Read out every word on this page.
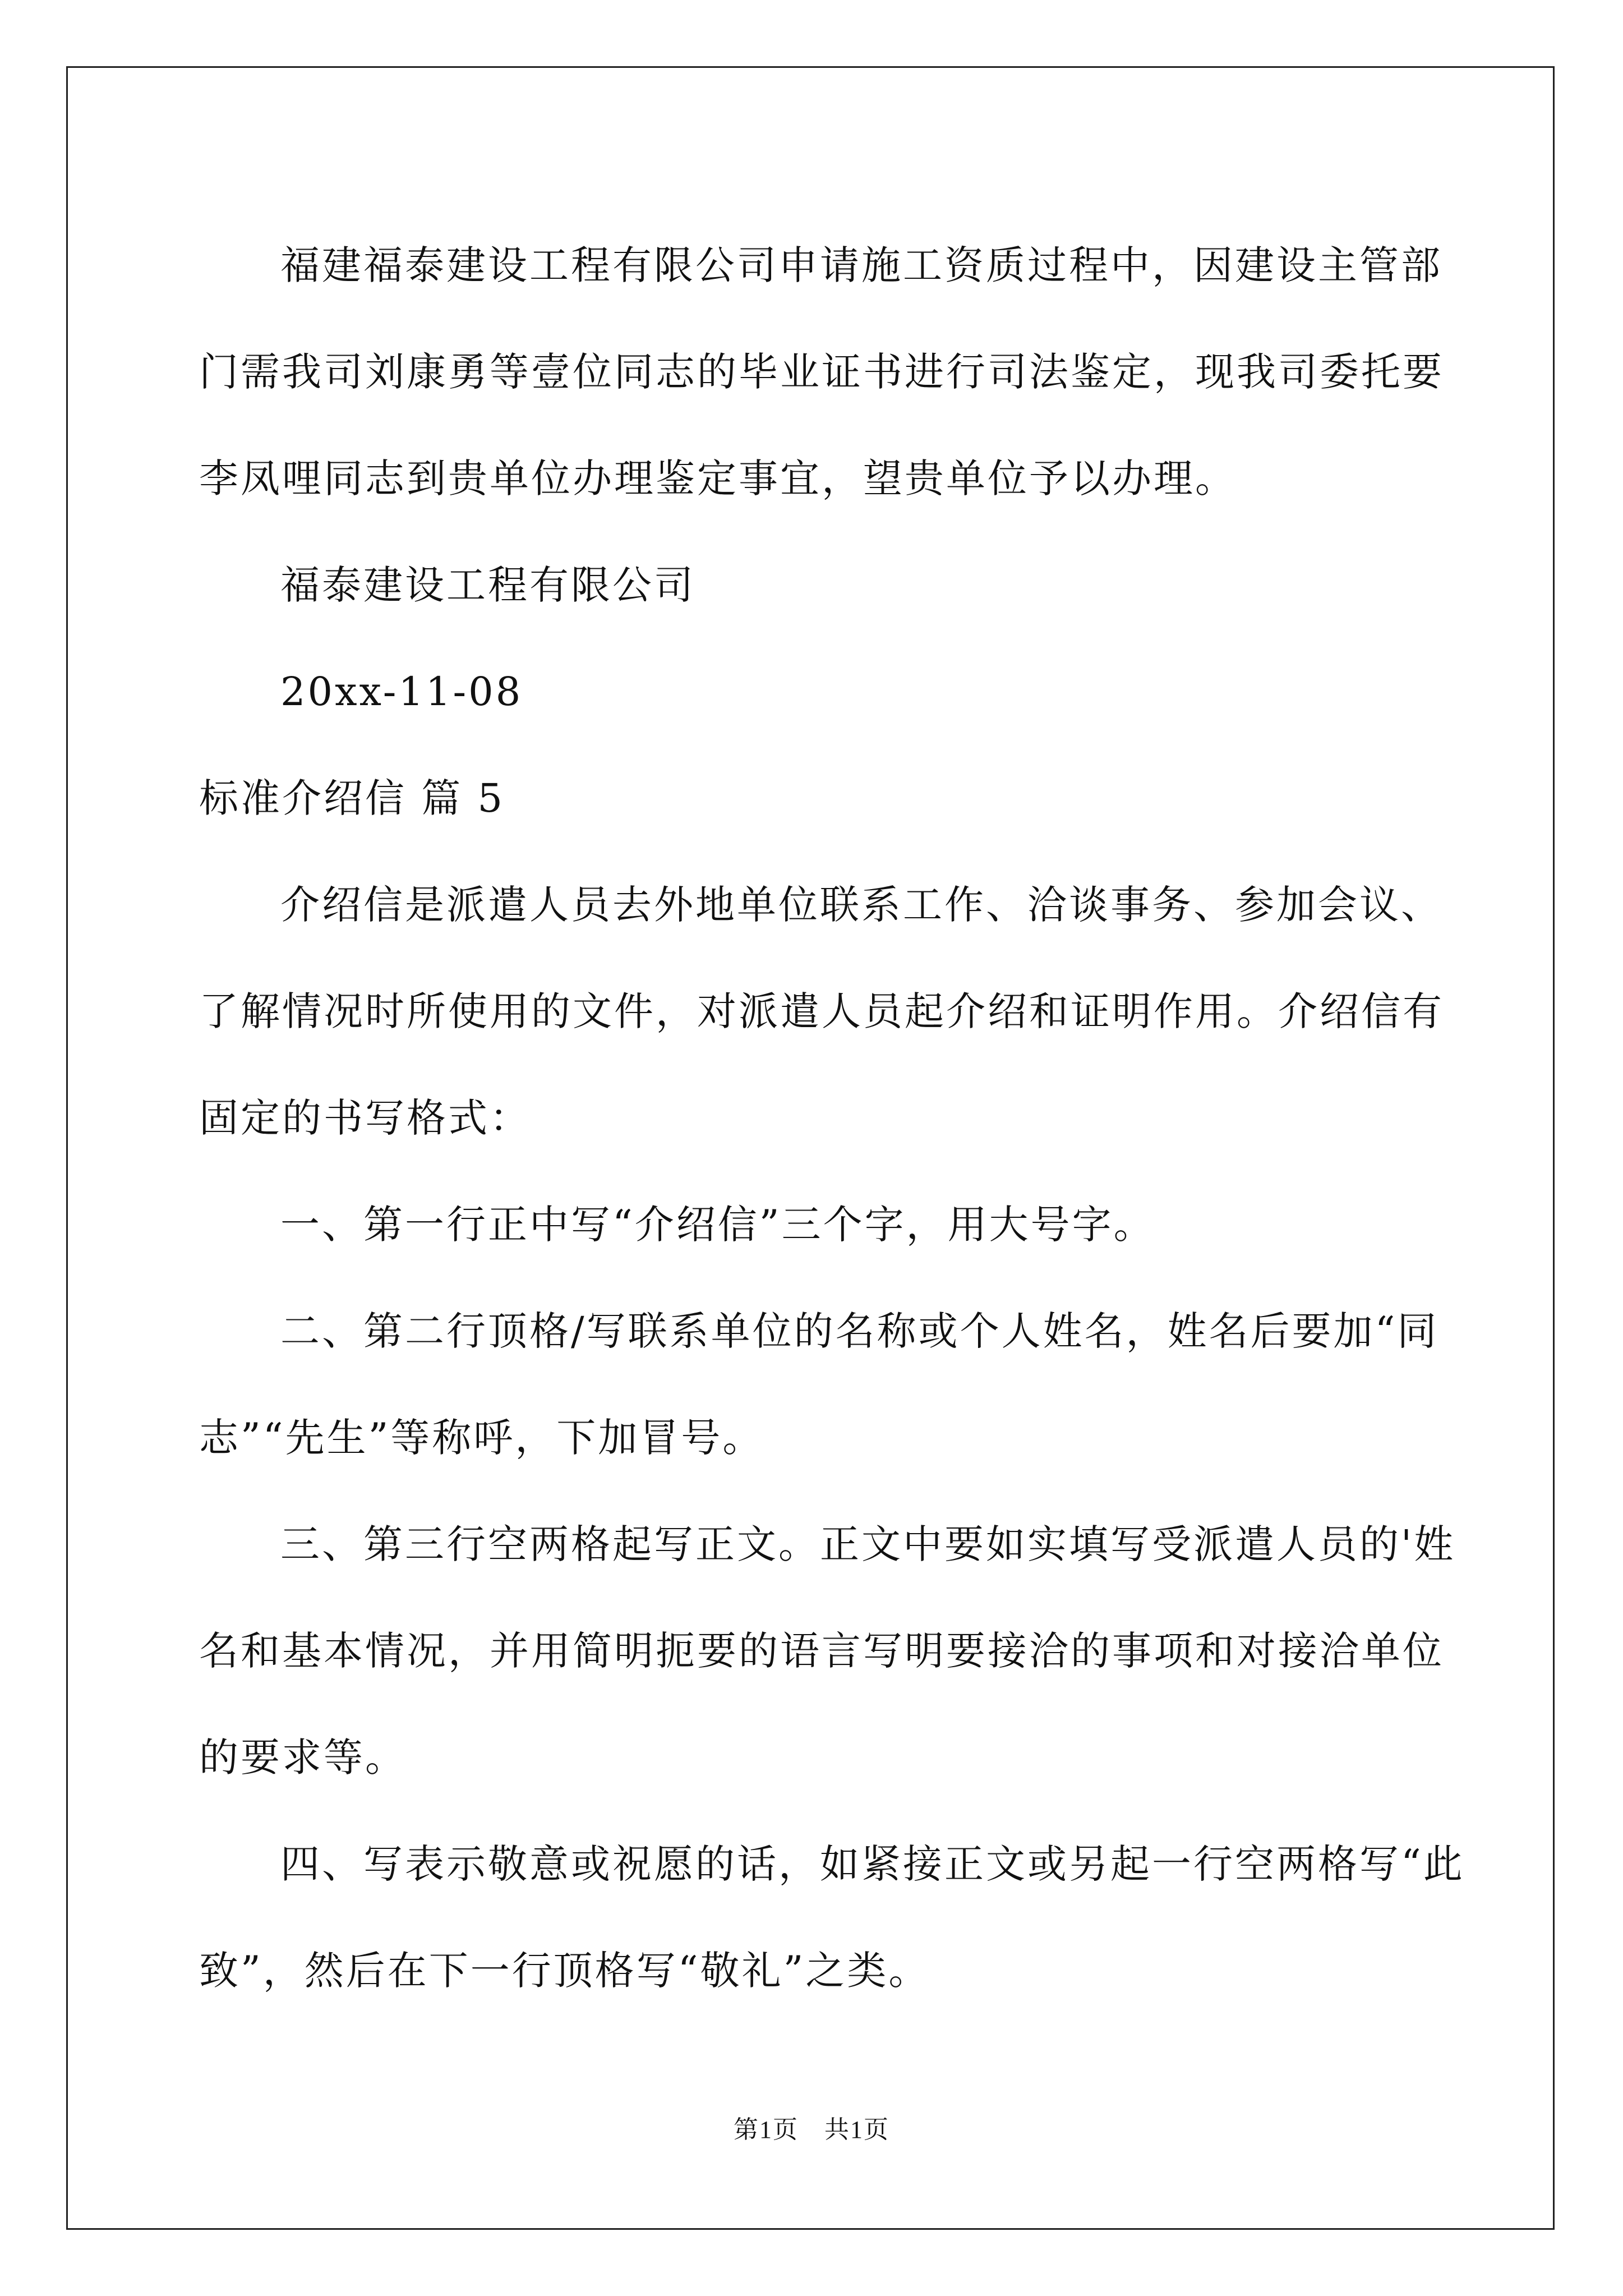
福建福泰建设工程有限公司申请施工资质过程中，因建设主管部
门需我司刘康勇等壹位同志的毕业证书进行司法鉴定，现我司委托要
李凤哩同志到贵单位办理鉴定事宜，望贵单位予以办理。
福泰建设工程有限公司
20xx-11-08
标准介绍信 篇 5
介绍信是派遣人员去外地单位联系工作、洽谈事务、参加会议、
了解情况时所使用的文件，对派遣人员起介绍和证明作用。介绍信有
固定的书写格式：
一、第一行正中写“介绍信”三个字，用大号字。
二、第二行顶格/写联系单位的名称或个人姓名，姓名后要加“同
志”“先生”等称呼，下加冒号。
三、第三行空两格起写正文。正文中要如实填写受派遣人员的'姓
名和基本情况，并用简明扼要的语言写明要接洽的事项和对接洽单位
的要求等。
四、写表示敬意或祝愿的话，如紧接正文或另起一行空两格写“此
致”，然后在下一行顶格写“敬礼”之类。
第1页　共1页
